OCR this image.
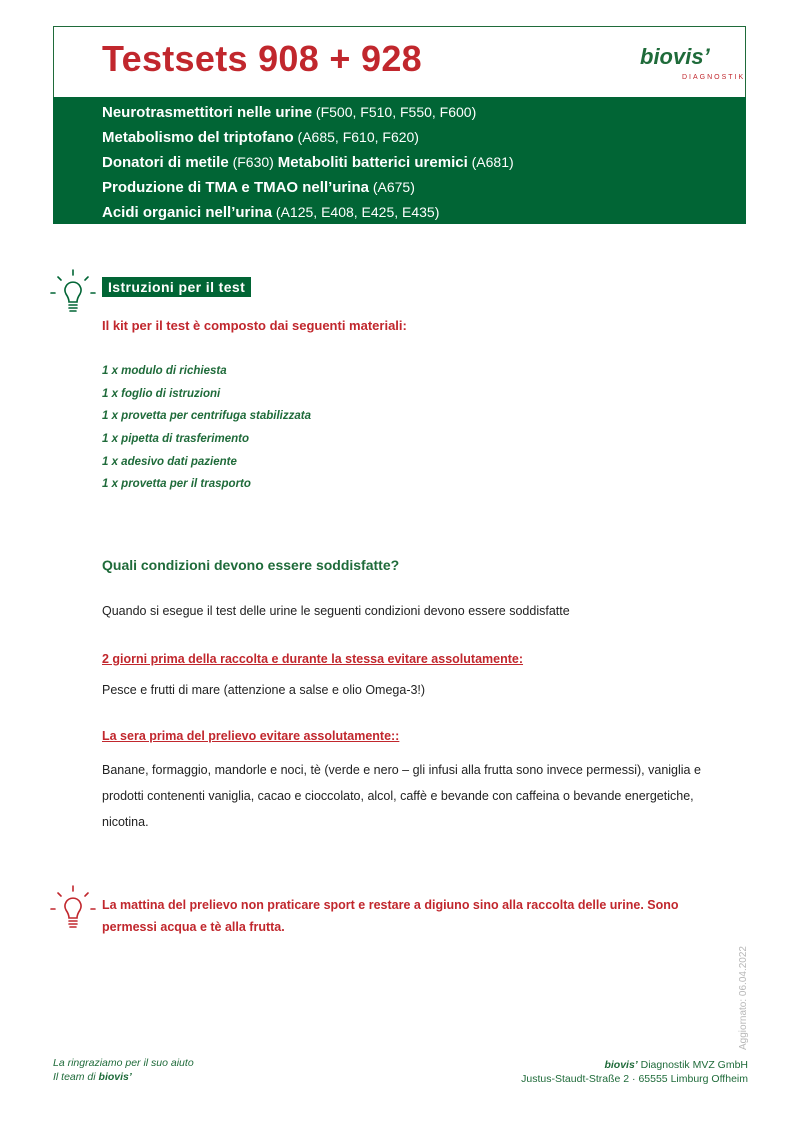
Testsets 908 + 928	biovis’
DIAGNOSTIK
Neurotrasmettitori nelle urine (F500, F510, F550, F600)
Metabolismo del triptofano (A685, F610, F620)
Donatori di metile (F630) Metaboliti batterici uremici (A681)
Produzione di TMA e TMAO nell’urina (A675)
Acidi organici nell’urina (A125, E408, E425, E435)
Istruzioni per il test
Il kit per il test è composto dai seguenti materiali:
1 x modulo di richiesta
1 x foglio di istruzioni
1 x provetta per centrifuga stabilizzata
1 x pipetta di trasferimento
1 x adesivo dati paziente
1 x provetta per il trasporto
Quali condizioni devono essere soddisfatte?
Quando si esegue il test delle urine le seguenti condizioni devono essere soddisfatte
2 giorni prima della raccolta e durante la stessa evitare assolutamente:
Pesce e frutti di mare (attenzione a salse e olio Omega-3!)
La sera prima del prelievo evitare assolutamente::
Banane, formaggio, mandorle e noci, tè (verde e nero – gli infusi alla frutta sono invece permessi), vaniglia e prodotti contenenti vaniglia, cacao e cioccolato, alcol, caffè e bevande con caffeina o bevande energetiche, nicotina.
La mattina del prelievo non praticare sport e restare a digiuno sino alla raccolta delle urine. Sono permessi acqua e tè alla frutta.
Aggiornato: 06.04.2022
La ringraziamo per il suo aiuto
Il team di biovis’
biovis’ Diagnostik MVZ GmbH
Justus-Staudt-Straße 2 · 65555 Limburg Offheim
